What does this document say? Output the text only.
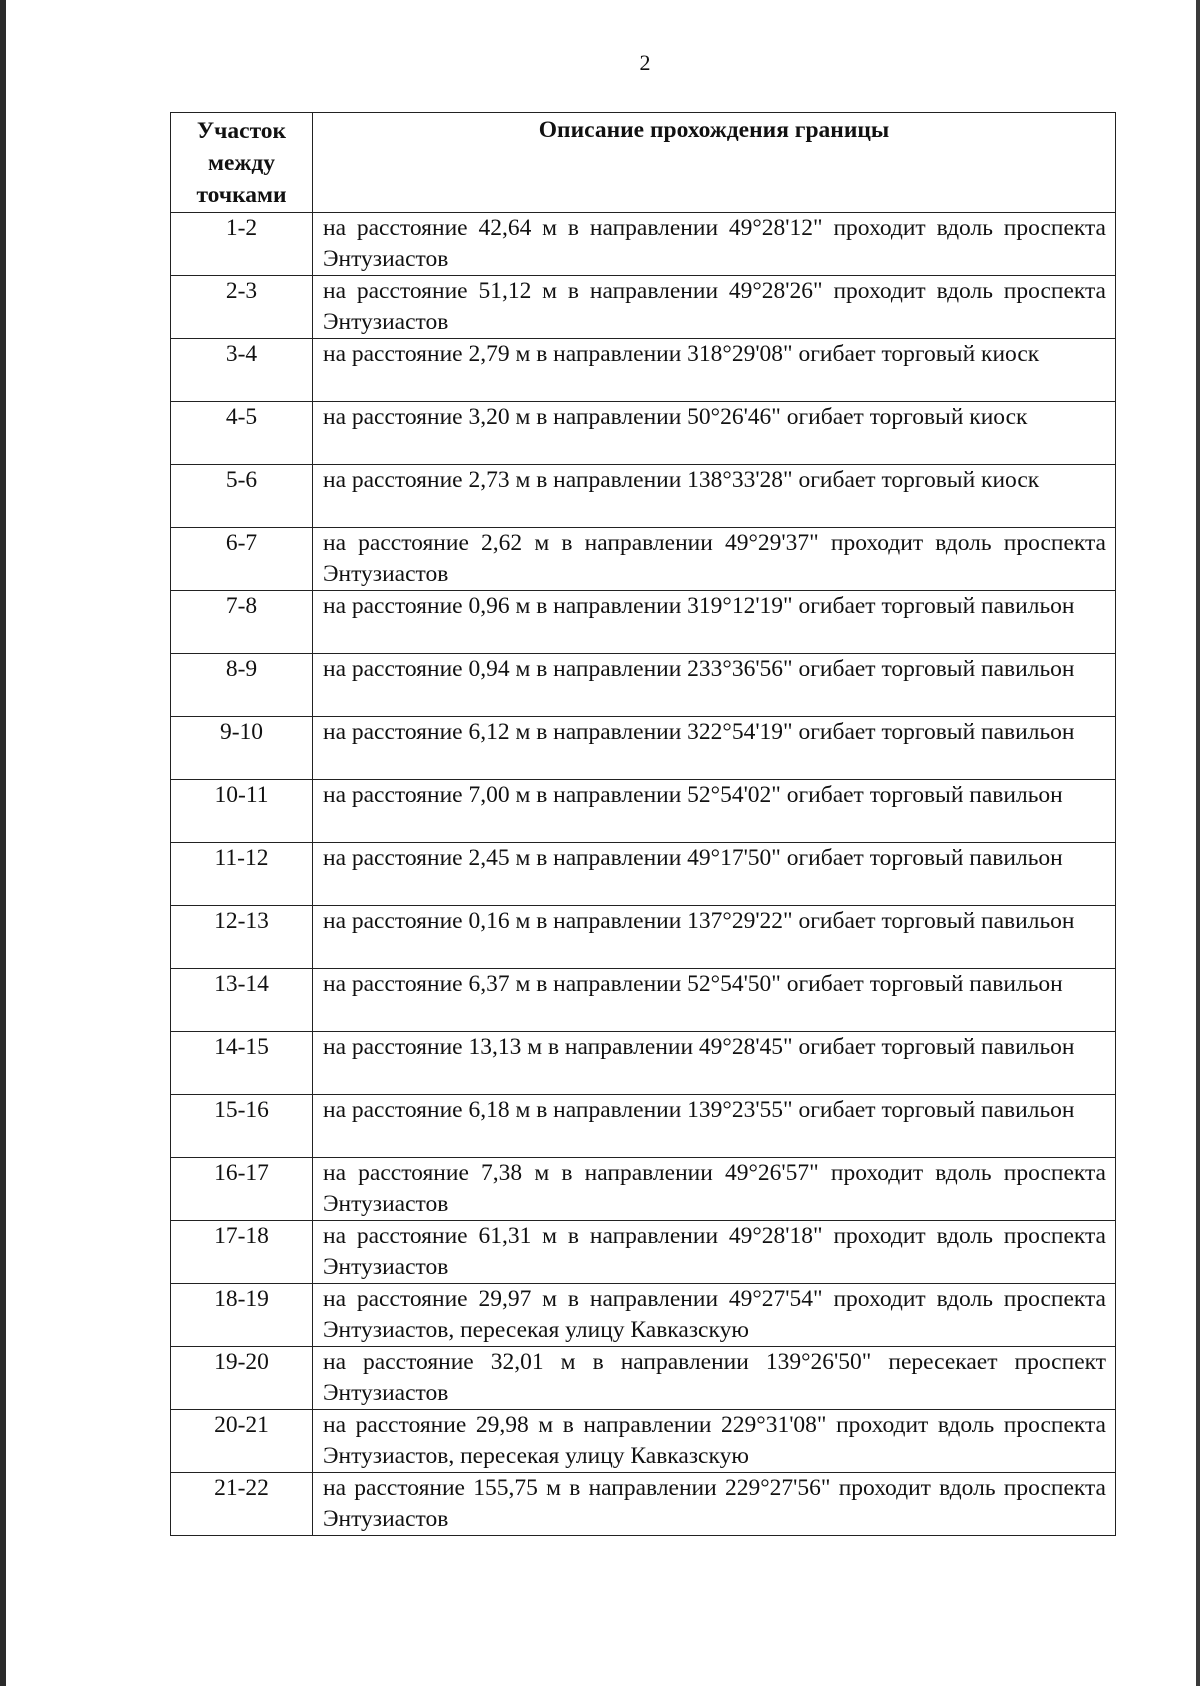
2
Участок между точками	Описание прохождения границы
1-2	на расстояние 42,64 м в направлении 49°28'12" проходит вдоль проспекта Энтузиастов
2-3	на расстояние 51,12 м в направлении 49°28'26" проходит вдоль проспекта Энтузиастов
3-4	на расстояние 2,79 м в направлении 318°29'08" огибает торговый киоск
4-5	на расстояние 3,20 м в направлении 50°26'46" огибает торговый киоск
5-6	на расстояние 2,73 м в направлении 138°33'28" огибает торговый киоск
6-7	на расстояние 2,62 м в направлении 49°29'37" проходит вдоль проспекта Энтузиастов
7-8	на расстояние 0,96 м в направлении 319°12'19" огибает торговый павильон
8-9	на расстояние 0,94 м в направлении 233°36'56" огибает торговый павильон
9-10	на расстояние 6,12 м в направлении 322°54'19" огибает торговый павильон
10-11	на расстояние 7,00 м в направлении 52°54'02" огибает торговый павильон
11-12	на расстояние 2,45 м в направлении 49°17'50" огибает торговый павильон
12-13	на расстояние 0,16 м в направлении 137°29'22" огибает торговый павильон
13-14	на расстояние 6,37 м в направлении 52°54'50" огибает торговый павильон
14-15	на расстояние 13,13 м в направлении 49°28'45" огибает торговый павильон
15-16	на расстояние 6,18 м в направлении 139°23'55" огибает торговый павильон
16-17	на расстояние 7,38 м в направлении 49°26'57" проходит вдоль проспекта Энтузиастов
17-18	на расстояние 61,31 м в направлении 49°28'18" проходит вдоль проспекта Энтузиастов
18-19	на расстояние 29,97 м в направлении 49°27'54" проходит вдоль проспекта Энтузиастов, пересекая улицу Кавказскую
19-20	на расстояние 32,01 м в направлении 139°26'50" пересекает проспект Энтузиастов
20-21	на расстояние 29,98 м в направлении 229°31'08" проходит вдоль проспекта Энтузиастов, пересекая улицу Кавказскую
21-22	на расстояние 155,75 м в направлении 229°27'56" проходит вдоль проспекта Энтузиастов
